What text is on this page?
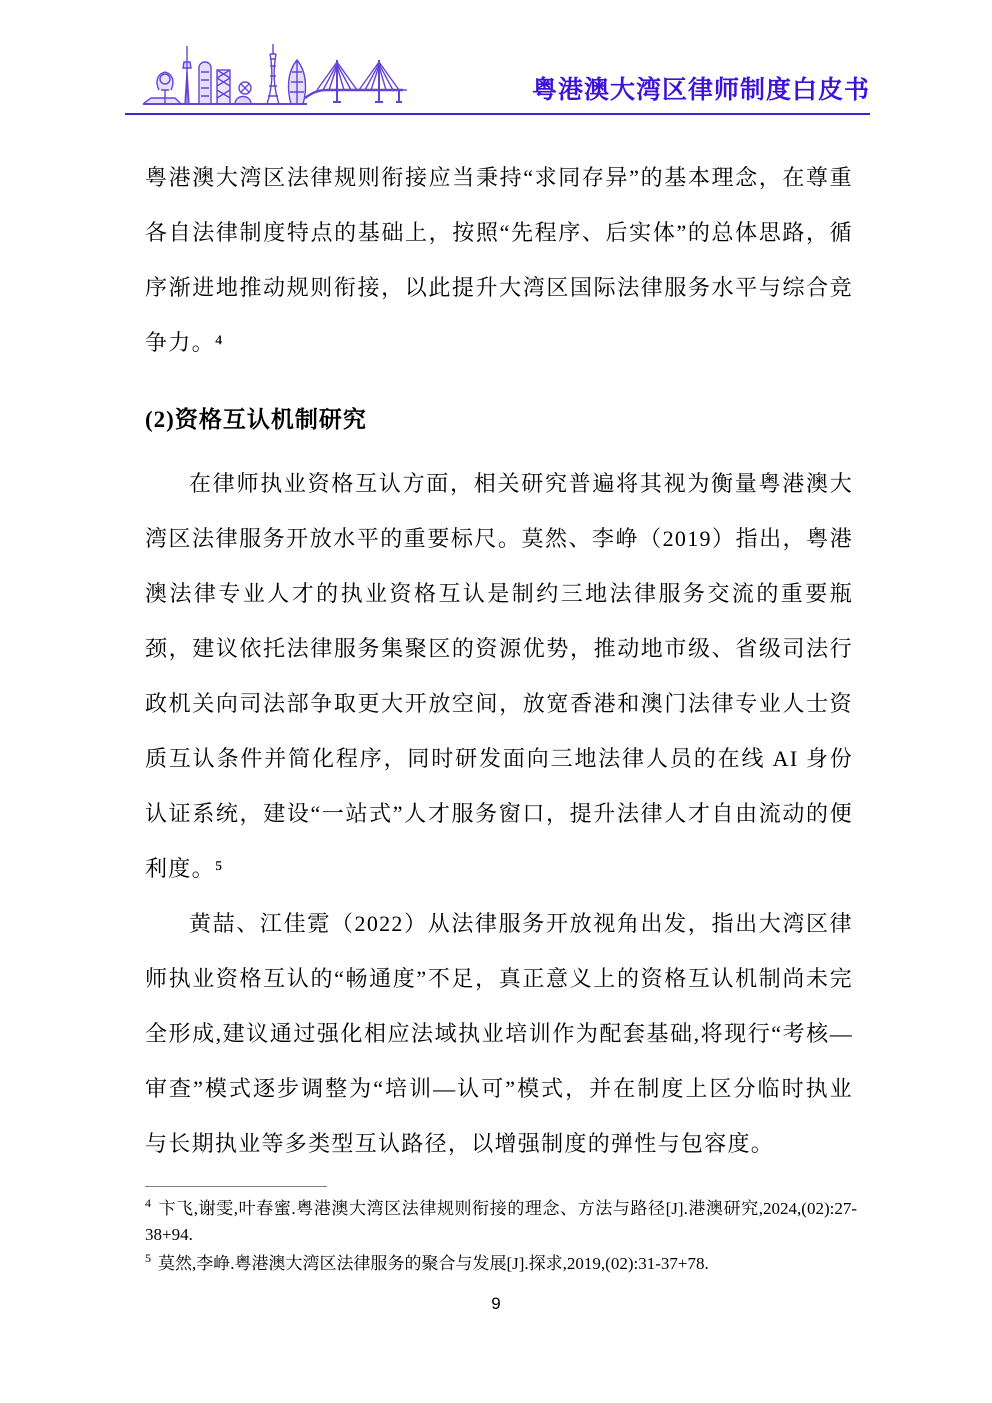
粤港澳大湾区律师制度白皮书

粤港澳大湾区法律规则衔接应当秉持“求同存异”的基本理念，在尊重各自法律制度特点的基础上，按照“先程序、后实体”的总体思路，循序渐进地推动规则衔接，以此提升大湾区国际法律服务水平与综合竞争力。⁴

(2)资格互认机制研究

在律师执业资格互认方面，相关研究普遍将其视为衡量粤港澳大湾区法律服务开放水平的重要标尺。莫然、李峥（2019）指出，粤港澳法律专业人才的执业资格互认是制约三地法律服务交流的重要瓶颈，建议依托法律服务集聚区的资源优势，推动地市级、省级司法行政机关向司法部争取更大开放空间，放宽香港和澳门法律专业人士资质互认条件并简化程序，同时研发面向三地法律人员的在线 AI 身份认证系统，建设“一站式”人才服务窗口，提升法律人才自由流动的便利度。⁵

黄喆、江佳霓（2022）从法律服务开放视角出发，指出大湾区律师执业资格互认的“畅通度”不足，真正意义上的资格互认机制尚未完全形成,建议通过强化相应法域执业培训作为配套基础,将现行“考核—审查”模式逐步调整为“培训—认可”模式，并在制度上区分临时执业与长期执业等多类型互认路径，以增强制度的弹性与包容度。

$^4$ 卞飞,谢雯,叶春蜜.粤港澳大湾区法律规则衔接的理念、方法与路径[J].港澳研究,2024,(02):27-38+94.
$^5$ 莫然,李峥.粤港澳大湾区法律服务的聚合与发展[J].探求,2019,(02):31-37+78.
9
